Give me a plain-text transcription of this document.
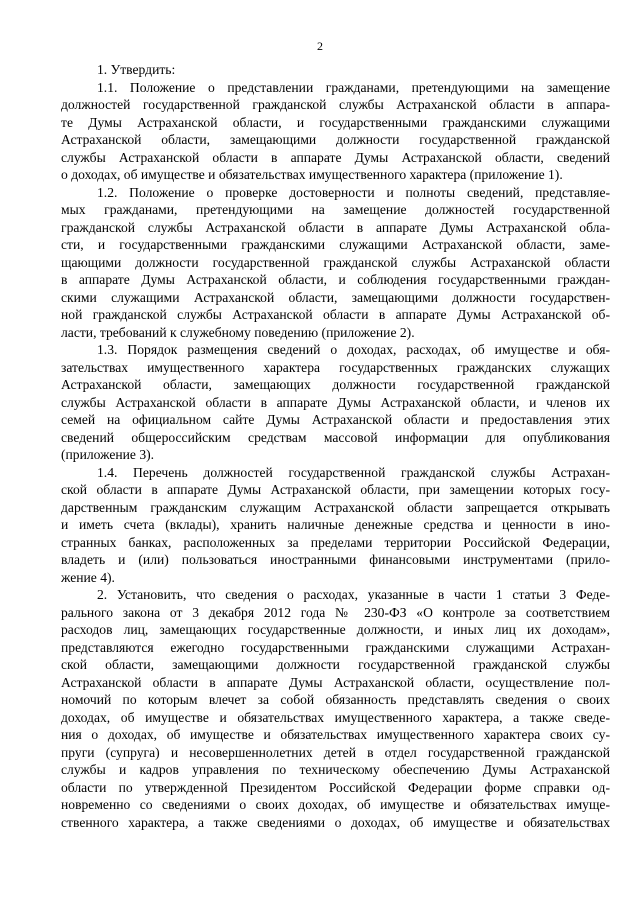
2
1. Утвердить:
1.1. Положение о представлении гражданами, претендующими на замещение
должностей государственной гражданской службы Астраханской области в аппара-
те Думы Астраханской области, и государственными гражданскими служащими
Астраханской области, замещающими должности государственной гражданской
службы Астраханской области в аппарате Думы Астраханской области, сведений
о доходах, об имуществе и обязательствах имущественного характера (приложение 1).
1.2. Положение о проверке достоверности и полноты сведений, представляе-
мых гражданами, претендующими на замещение должностей государственной
гражданской службы Астраханской области в аппарате Думы Астраханской обла-
сти, и государственными гражданскими служащими Астраханской области, заме-
щающими должности государственной гражданской службы Астраханской области
в аппарате Думы Астраханской области, и соблюдения государственными граждан-
скими служащими Астраханской области, замещающими должности государствен-
ной гражданской службы Астраханской области в аппарате Думы Астраханской об-
ласти, требований к служебному поведению (приложение 2).
1.3. Порядок размещения сведений о доходах, расходах, об имуществе и обя-
зательствах имущественного характера государственных гражданских служащих
Астраханской области, замещающих должности государственной гражданской
службы Астраханской области в аппарате Думы Астраханской области, и членов их
семей на официальном сайте Думы Астраханской области и предоставления этих
сведений общероссийским средствам массовой информации для опубликования
(приложение 3).
1.4. Перечень должностей государственной гражданской службы Астрахан-
ской области в аппарате Думы Астраханской области, при замещении которых госу-
дарственным гражданским служащим Астраханской области запрещается открывать
и иметь счета (вклады), хранить наличные денежные средства и ценности в ино-
странных банках, расположенных за пределами территории Российской Федерации,
владеть и (или) пользоваться иностранными финансовыми инструментами (прило-
жение 4).
2. Установить, что сведения о расходах, указанные в части 1 статьи 3 Феде-
рального закона от 3 декабря 2012 года № 230-ФЗ «О контроле за соответствием
расходов лиц, замещающих государственные должности, и иных лиц их доходам»,
представляются ежегодно государственными гражданскими служащими Астрахан-
ской области, замещающими должности государственной гражданской службы
Астраханской области в аппарате Думы Астраханской области, осуществление пол-
номочий по которым влечет за собой обязанность представлять сведения о своих
доходах, об имуществе и обязательствах имущественного характера, а также сведе-
ния о доходах, об имуществе и обязательствах имущественного характера своих су-
пруги (супруга) и несовершеннолетних детей в отдел государственной гражданской
службы и кадров управления по техническому обеспечению Думы Астраханской
области по утвержденной Президентом Российской Федерации форме справки од-
новременно со сведениями о своих доходах, об имуществе и обязательствах имуще-
ственного характера, а также сведениями о доходах, об имуществе и обязательствах
